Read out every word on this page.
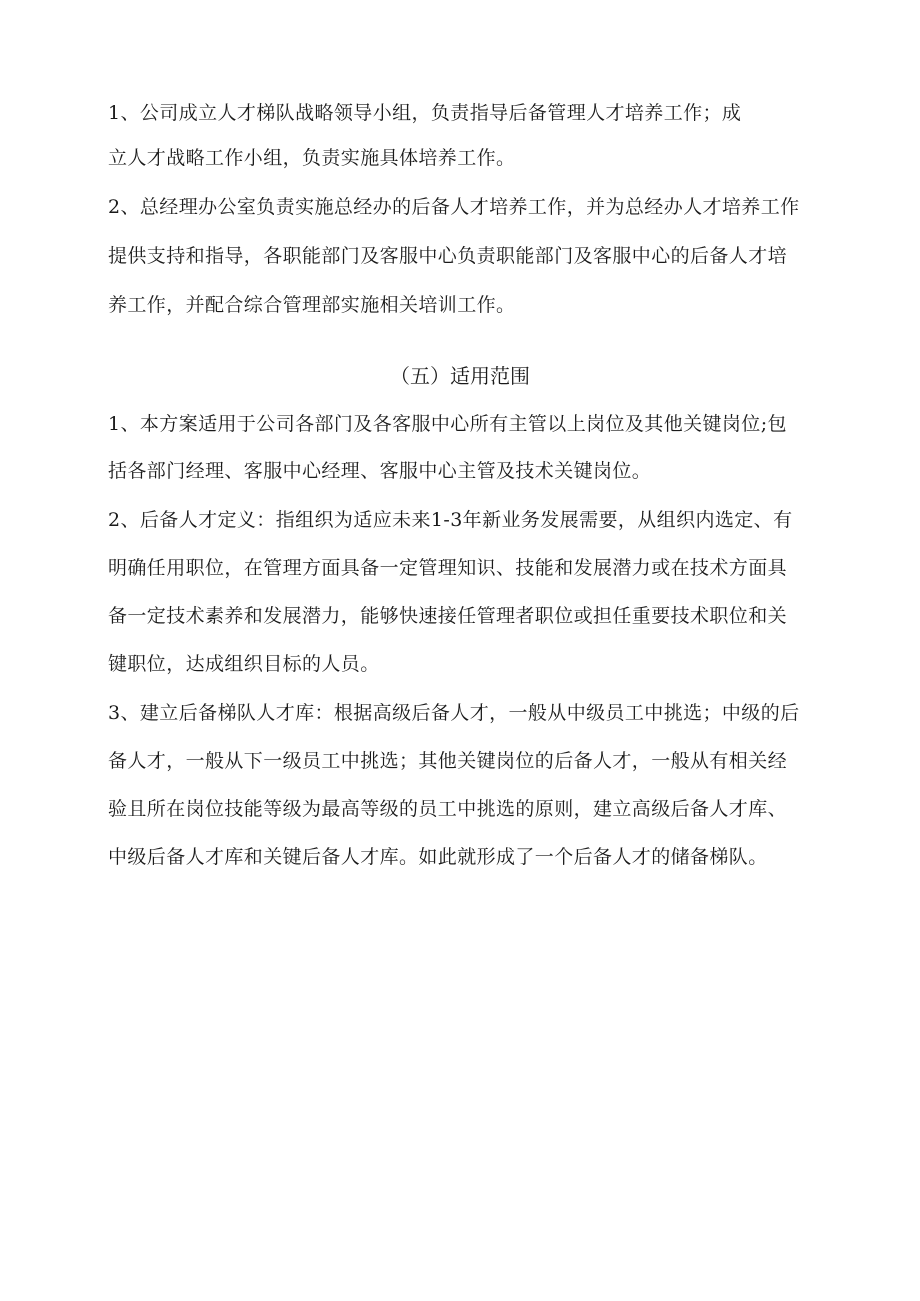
1、公司成立人才梯队战略领导小组，负责指导后备管理人才培养工作；成
立人才战略工作小组，负责实施具体培养工作。
2、总经理办公室负责实施总经办的后备人才培养工作，并为总经办人才培养工作
提供支持和指导，各职能部门及客服中心负责职能部门及客服中心的后备人才培
养工作，并配合综合管理部实施相关培训工作。
（五）适用范围
1、本方案适用于公司各部门及各客服中心所有主管以上岗位及其他关键岗位;包
括各部门经理、客服中心经理、客服中心主管及技术关键岗位。
2、后备人才定义：指组织为适应未来1-3年新业务发展需要，从组织内选定、有
明确任用职位，在管理方面具备一定管理知识、技能和发展潜力或在技术方面具
备一定技术素养和发展潜力，能够快速接任管理者职位或担任重要技术职位和关
键职位，达成组织目标的人员。
3、建立后备梯队人才库：根据高级后备人才，一般从中级员工中挑选；中级的后
备人才，一般从下一级员工中挑选；其他关键岗位的后备人才，一般从有相关经
验且所在岗位技能等级为最高等级的员工中挑选的原则，建立高级后备人才库、
中级后备人才库和关键后备人才库。如此就形成了一个后备人才的储备梯队。
